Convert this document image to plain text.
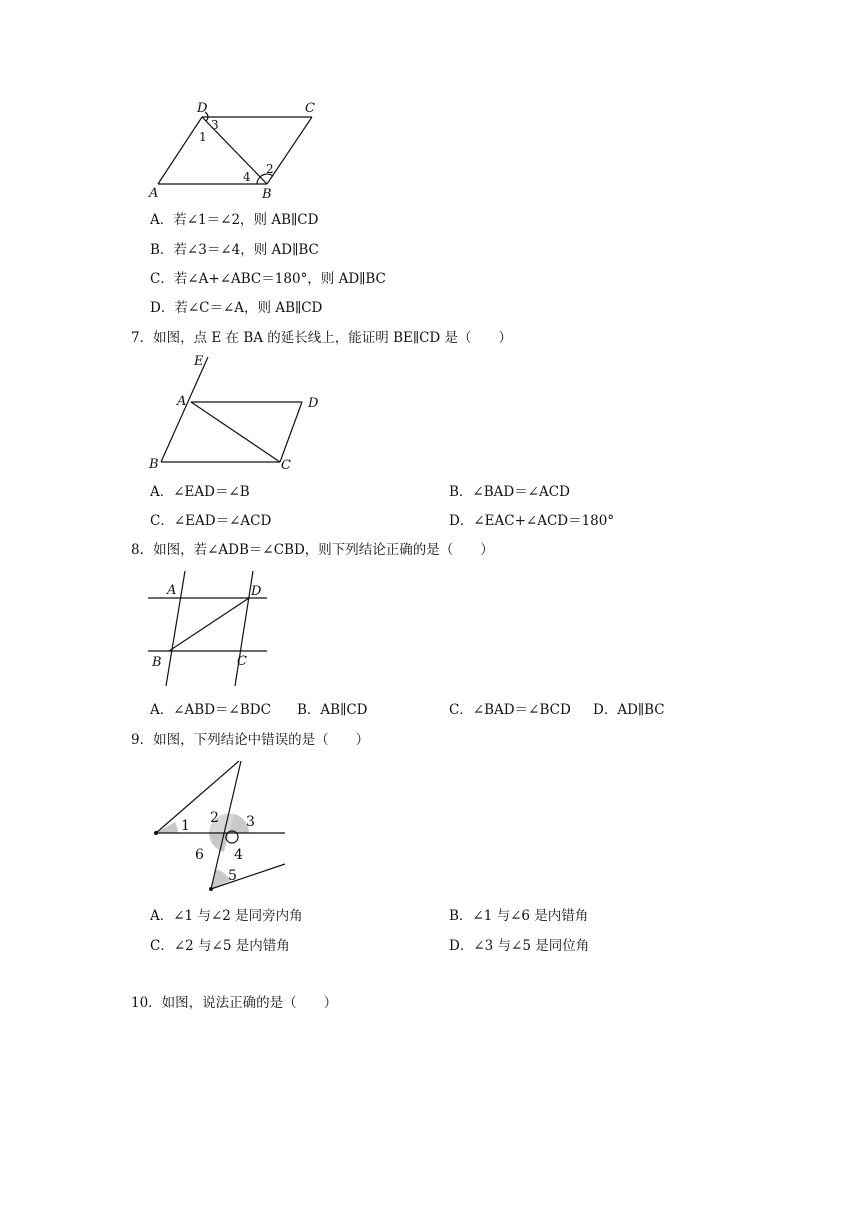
D	C
A	B
1
2
3
4
A．若∠1＝∠2，则 AB∥CD
B．若∠3＝∠4，则 AD∥BC
C．若∠A+∠ABC＝180°，则 AD∥BC
D．若∠C＝∠A，则 AB∥CD
7．如图，点 E 在 BA 的延长线上，能证明 BE∥CD 是（　　）
E
A	D
B	C
A．∠EAD＝∠B	B．∠BAD＝∠ACD
C．∠EAD＝∠ACD	D．∠EAC+∠ACD＝180°
8．如图，若∠ADB＝∠CBD，则下列结论正确的是（　　）
A	D
B	C
A．∠ABD＝∠BDC B．AB∥CD	C．∠BAD＝∠BCD D．AD∥BC
9．如图，下列结论中错误的是（　　）
1 2 3
4
5
6
A．∠1 与∠2 是同旁内角	B．∠1 与∠6 是内错角
C．∠2 与∠5 是内错角	D．∠3 与∠5 是同位角
10．如图，说法正确的是（　　）
